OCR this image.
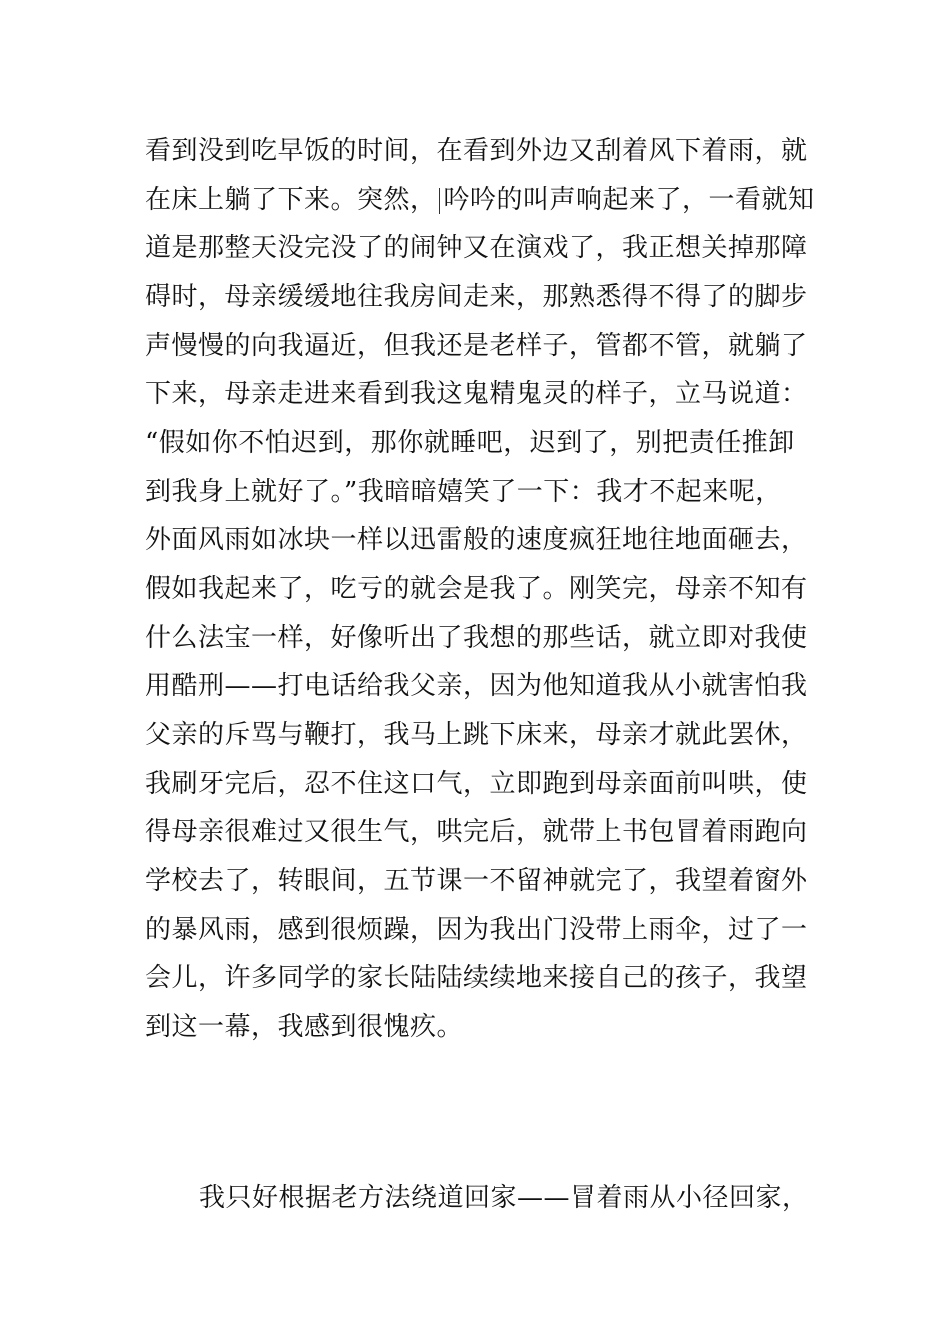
看到没到吃早饭的时间，在看到外边又刮着风下着雨，就
在床上躺了下来。突然， 吟吟的叫声响起来了，一看就知
道是那整天没完没了的闹钟又在演戏了，我正想关掉那障
碍时，母亲缓缓地往我房间走来，那熟悉得不得了的脚步
声慢慢的向我逼近，但我还是老样子，管都不管，就躺了
下来，母亲走进来看到我这鬼精鬼灵的样子，立马说道：
“假如你不怕迟到，那你就睡吧，迟到了，别把责任推卸
到我身上就好了。”我暗暗嬉笑了一下：我才不起来呢，
外面风雨如冰块一样以迅雷般的速度疯狂地往地面砸去，
假如我起来了，吃亏的就会是我了。刚笑完，母亲不知有
什么法宝一样，好像听出了我想的那些话，就立即对我使
用酷刑——打电话给我父亲，因为他知道我从小就害怕我
父亲的斥骂与鞭打，我马上跳下床来，母亲才就此罢休，
我刷牙完后，忍不住这口气，立即跑到母亲面前叫哄，使
得母亲很难过又很生气，哄完后，就带上书包冒着雨跑向
学校去了，转眼间，五节课一不留神就完了，我望着窗外
的暴风雨，感到很烦躁，因为我出门没带上雨伞，过了一
会儿，许多同学的家长陆陆续续地来接自己的孩子，我望
到这一幕，我感到很愧疚。
我只好根据老方法绕道回家——冒着雨从小径回家，
